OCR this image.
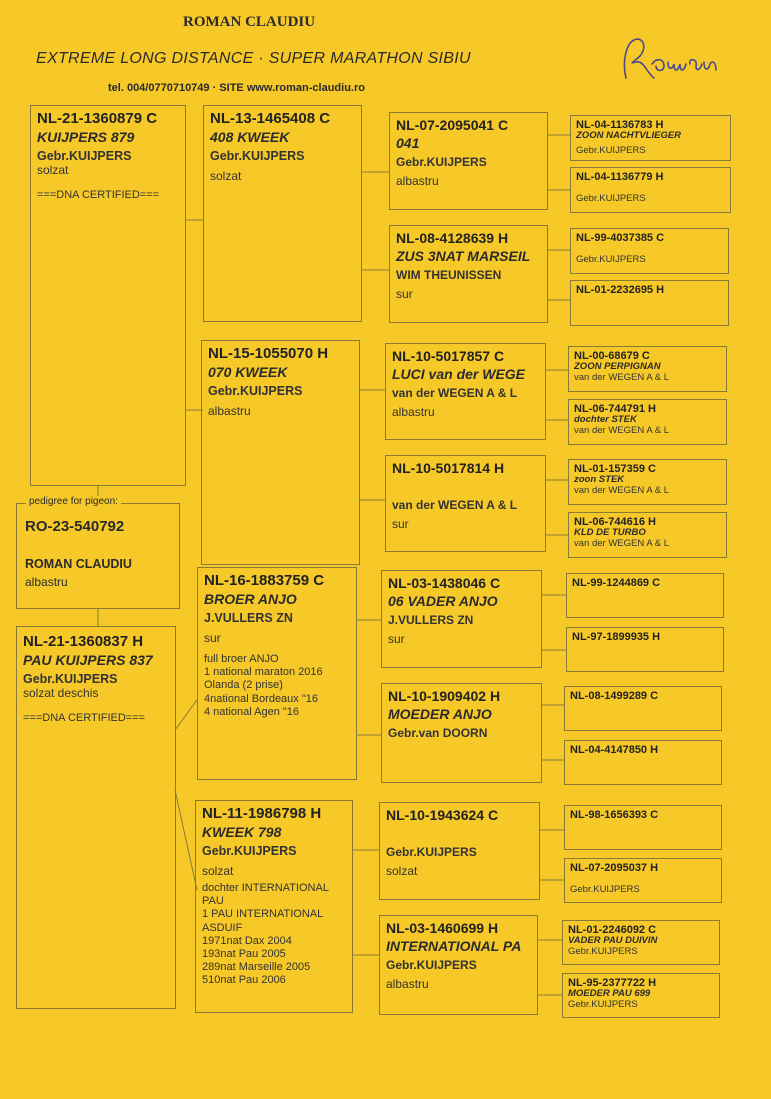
ROMAN CLAUDIU
EXTREME LONG DISTANCE · SUPER MARATHON SIBIU
tel. 004/0770710749 · SITE www.roman-claudiu.ro
NL-21-1360879 C
KUIJPERS 879
Gebr.KUIJPERS
solzat
===DNA CERTIFIED===
RO-23-540792
ROMAN CLAUDIU
albastru
pedigree for pigeon:
NL-21-1360837 H
PAU KUIJPERS 837
Gebr.KUIJPERS
solzat deschis
===DNA CERTIFIED===
NL-13-1465408 C
408 KWEEK
Gebr.KUIJPERS
solzat
NL-15-1055070 H
070 KWEEK
Gebr.KUIJPERS
albastru
NL-16-1883759 C
BROER ANJO
J.VULLERS ZN
sur
full broer ANJO
1 national maraton 2016
Olanda (2 prise)
4national Bordeaux "16
4 national Agen "16
NL-11-1986798 H
KWEEK 798
Gebr.KUIJPERS
solzat
dochter INTERNATIONAL
PAU
1 PAU INTERNATIONAL
ASDUIF
1971nat Dax 2004
193nat Pau 2005
289nat Marseille 2005
510nat Pau 2006
NL-07-2095041 C
041
Gebr.KUIJPERS
albastru
NL-08-4128639 H
ZUS 3NAT MARSEIL
WIM THEUNISSEN
sur
NL-10-5017857 C
LUCI van der WEGE
van der WEGEN A & L
albastru
NL-10-5017814 H
van der WEGEN A & L
sur
NL-03-1438046 C
06 VADER ANJO
J.VULLERS ZN
sur
NL-10-1909402 H
MOEDER ANJO
Gebr.van DOORN
NL-10-1943624 C
Gebr.KUIJPERS
solzat
NL-03-1460699 H
INTERNATIONAL PA
Gebr.KUIJPERS
albastru
NL-04-1136783 H
ZOON NACHTVLIEGER
Gebr.KUIJPERS
NL-04-1136779 H
Gebr.KUIJPERS
NL-99-4037385 C
Gebr.KUIJPERS
NL-01-2232695 H
NL-00-68679 C
ZOON PERPIGNAN
van der WEGEN A & L
NL-06-744791 H
dochter STEK
van der WEGEN A & L
NL-01-157359 C
zoon STEK
van der WEGEN A & L
NL-06-744616 H
KLD DE TURBO
van der WEGEN A & L
NL-99-1244869 C
NL-97-1899935 H
NL-08-1499289 C
NL-04-4147850 H
NL-98-1656393 C
NL-07-2095037 H
Gebr.KUIJPERS
NL-01-2246092 C
VADER PAU DUIVIN
Gebr.KUIJPERS
NL-95-2377722 H
MOEDER PAU 699
Gebr.KUIJPERS
